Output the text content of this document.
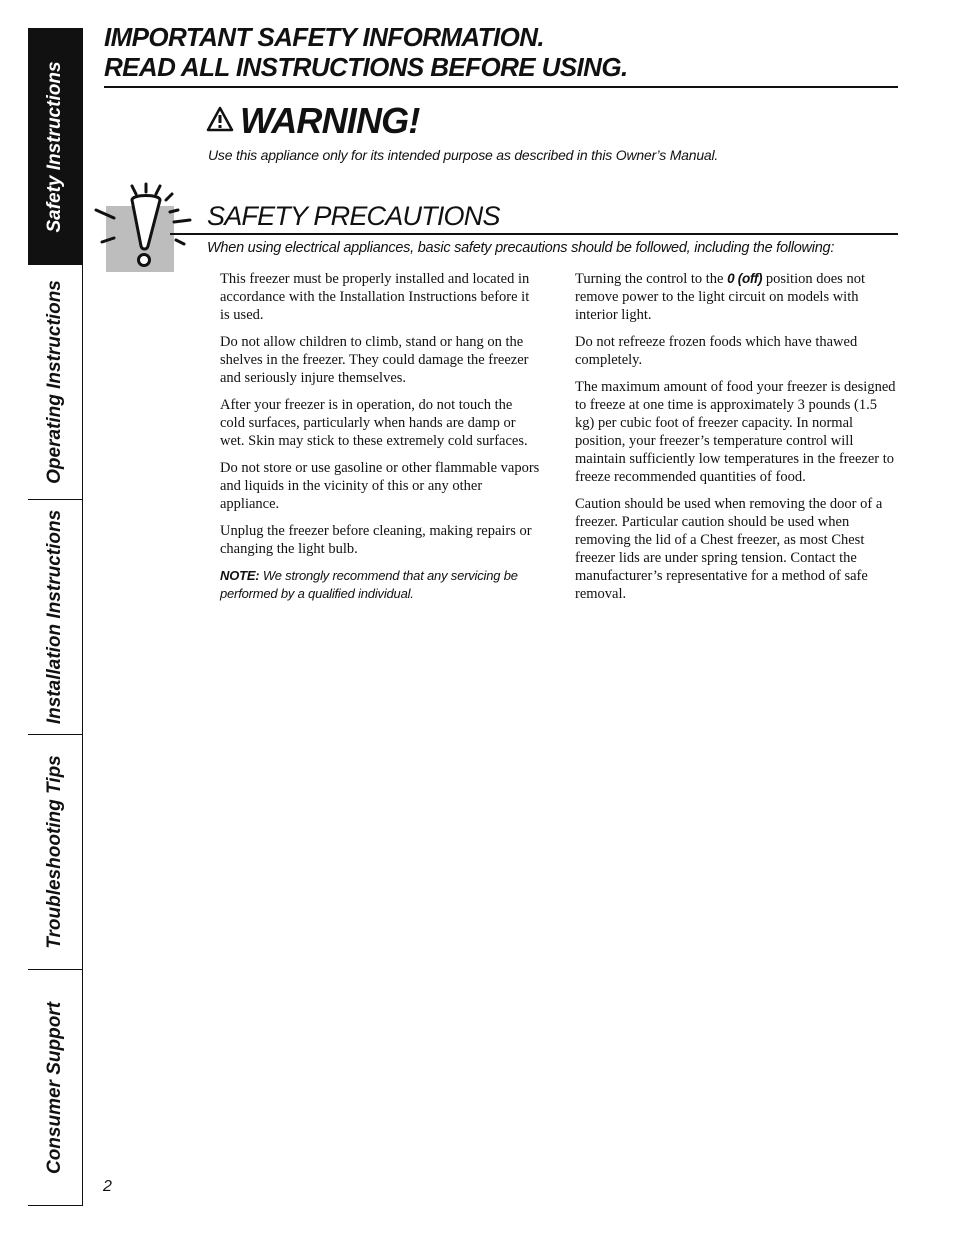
Safety Instructions
Operating Instructions
Installation Instructions
Troubleshooting Tips
Consumer Support

IMPORTANT SAFETY INFORMATION.

READ ALL INSTRUCTIONS BEFORE USING.

WARNING!
Use this appliance only for its intended purpose as described in this Owner’s Manual.
SAFETY PRECAUTIONS
When using electrical appliances, basic safety precautions should be followed, including the following:

This freezer must be properly installed and located in accordance with the Installation Instructions before it is used.

Do not allow children to climb, stand or hang on the shelves in the freezer. They could damage the freezer and seriously injure themselves.

After your freezer is in operation, do not touch the cold surfaces, particularly when hands are damp or wet. Skin may stick to these extremely cold surfaces.

Do not store or use gasoline or other flammable vapors and liquids in the vicinity of this or any other appliance.

Unplug the freezer before cleaning, making repairs or changing the light bulb.

NOTE: We strongly recommend that any servicing be performed by a qualified individual.

Turning the control to the 0 (off) position does not remove power to the light circuit on models with interior light.

Do not refreeze frozen foods which have thawed completely.

The maximum amount of food your freezer is designed to freeze at one time is approximately 3 pounds (1.5 kg) per cubic foot of freezer capacity. In normal position, your freezer’s temperature control will maintain sufficiently low temperatures in the freezer to freeze recommended quantities of food.

Caution should be used when removing the door of a freezer. Particular caution should be used when removing the lid of a Chest freezer, as most Chest freezer lids are under spring tension. Contact the manufacturer’s representative for a method of safe removal.

2
